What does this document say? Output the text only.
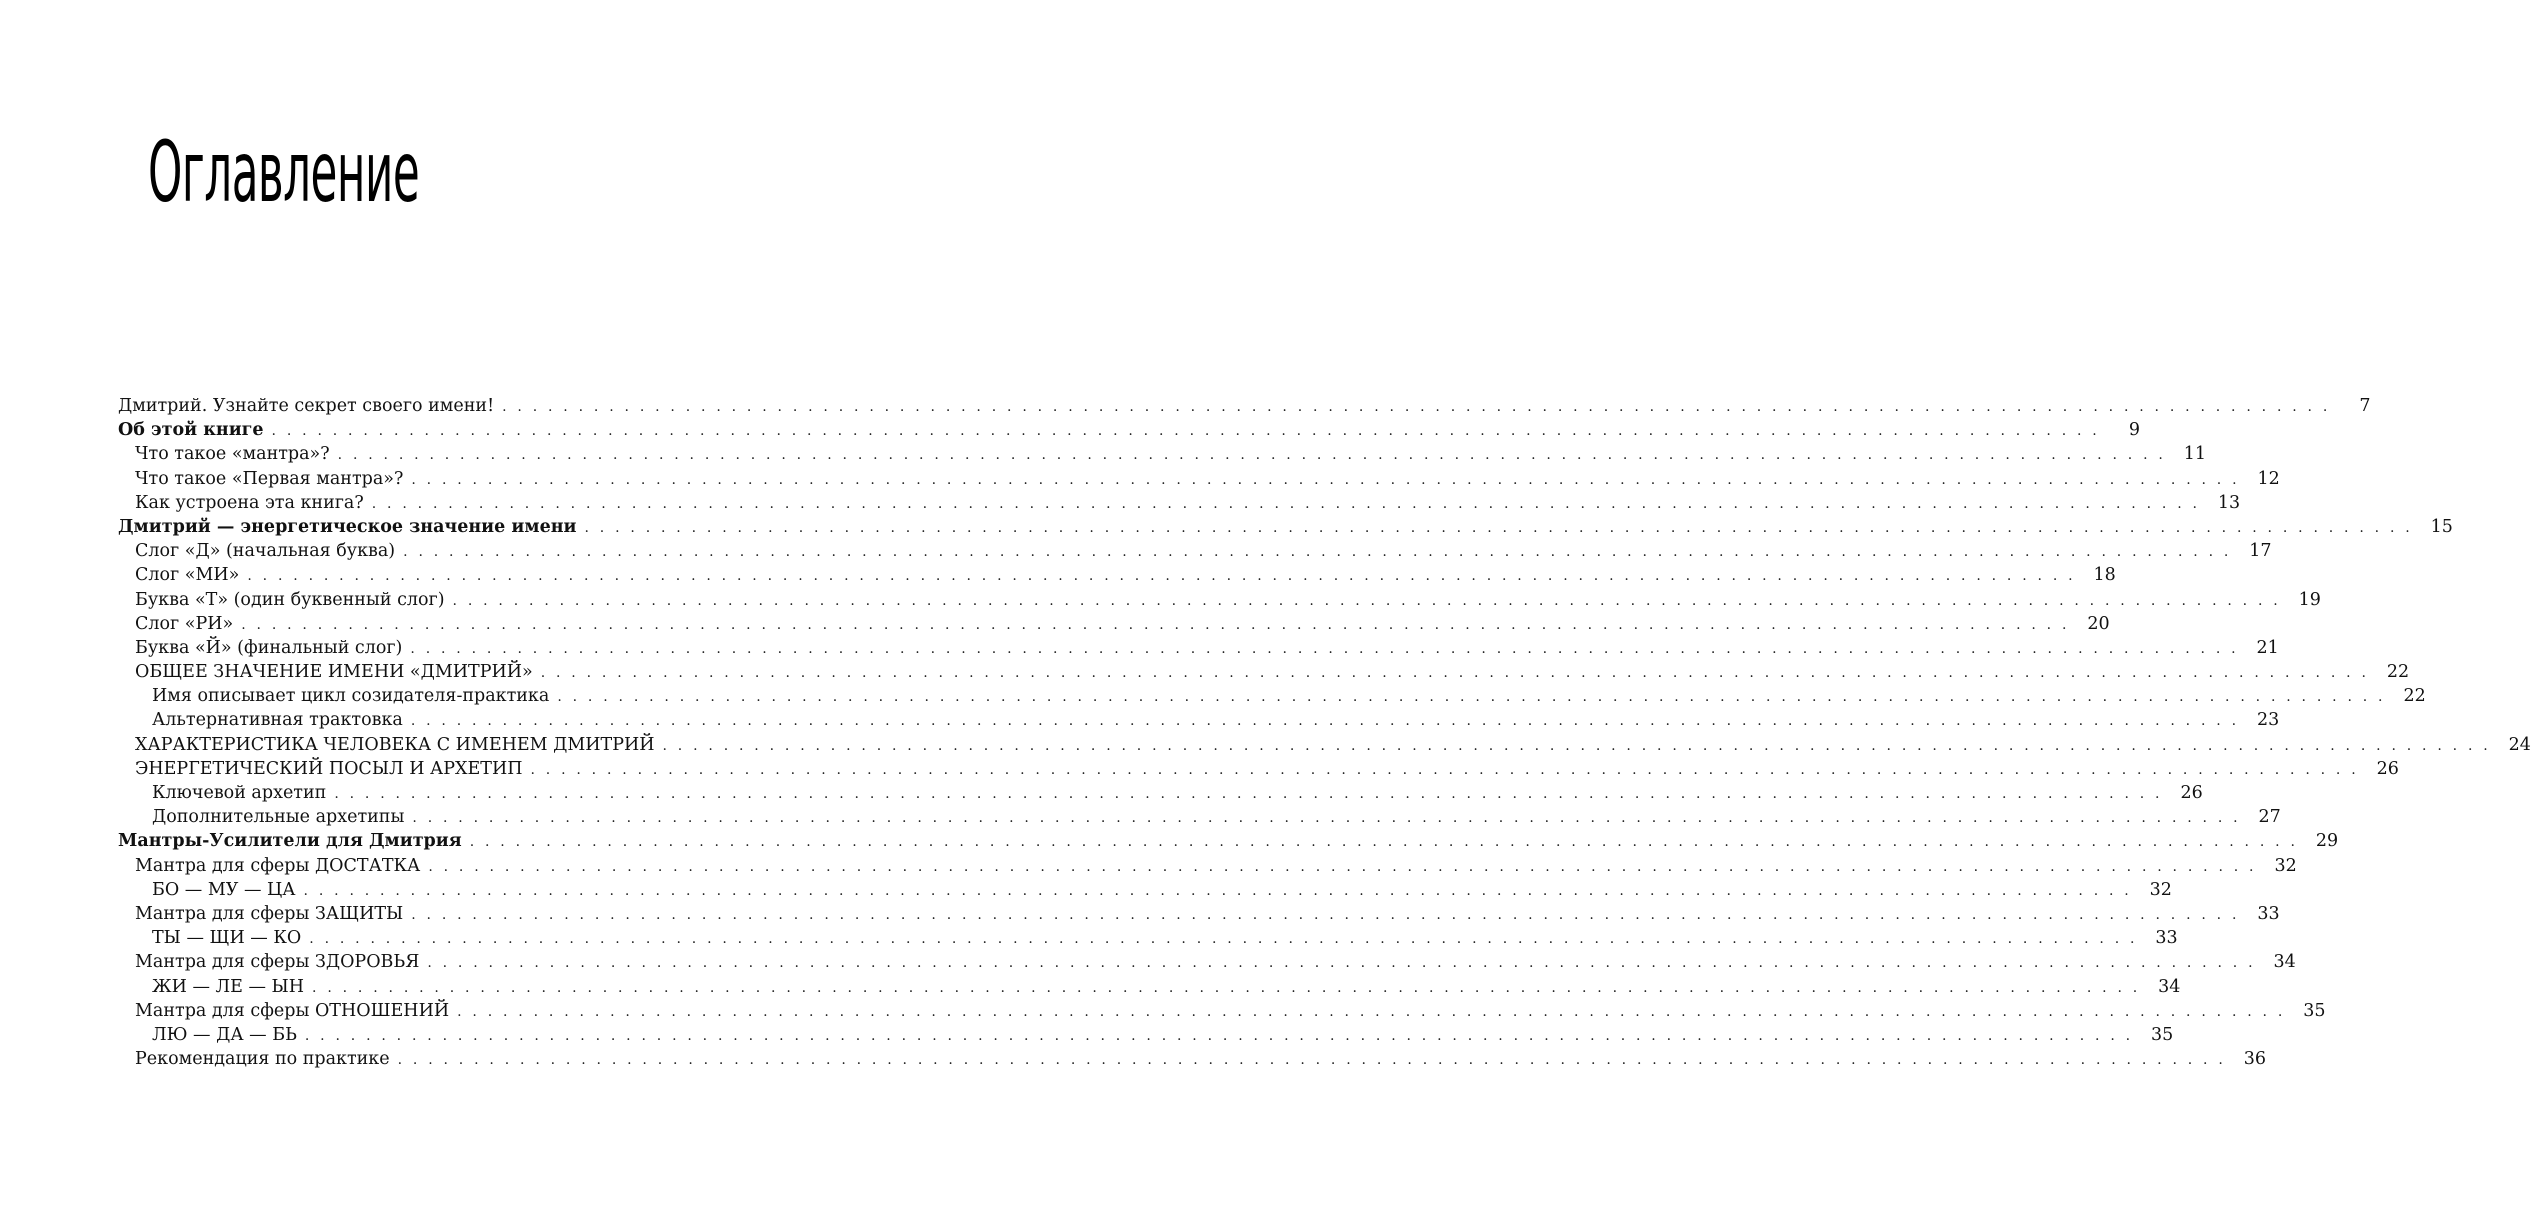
Оглавление
Дмитрий. Узнайте секрет своего имени! . . . . . . . . . . . . . . . . . . . . . . . . . . . . . . . . . . . . . . . . . . . . . . . . . . . . . . . . . . . . . . . . . . . . . . . . . . . . . . . . . . . . . . . . . . . . . . . . . . . . . . . . . . . . . . . . . . . . . . . .	7
Об этой книге . . . . . . . . . . . . . . . . . . . . . . . . . . . . . . . . . . . . . . . . . . . . . . . . . . . . . . . . . . . . . . . . . . . . . . . . . . . . . . . . . . . . . . . . . . . . . . . . . . . . . . . . . . . . . . . . . . . . . . . .	9
Что такое «мантра»? . . . . . . . . . . . . . . . . . . . . . . . . . . . . . . . . . . . . . . . . . . . . . . . . . . . . . . . . . . . . . . . . . . . . . . . . . . . . . . . . . . . . . . . . . . . . . . . . . . . . . . . . . . . . . . . . . . . . . . . .	11
Что такое «Первая мантра»? . . . . . . . . . . . . . . . . . . . . . . . . . . . . . . . . . . . . . . . . . . . . . . . . . . . . . . . . . . . . . . . . . . . . . . . . . . . . . . . . . . . . . . . . . . . . . . . . . . . . . . . . . . . . . . . . . . . . . . . .	12
Как устроена эта книга? . . . . . . . . . . . . . . . . . . . . . . . . . . . . . . . . . . . . . . . . . . . . . . . . . . . . . . . . . . . . . . . . . . . . . . . . . . . . . . . . . . . . . . . . . . . . . . . . . . . . . . . . . . . . . . . . . . . . . . . .	13
Дмитрий — энергетическое значение имени . . . . . . . . . . . . . . . . . . . . . . . . . . . . . . . . . . . . . . . . . . . . . . . . . . . . . . . . . . . . . . . . . . . . . . . . . . . . . . . . . . . . . . . . . . . . . . . . . . . . . . . . . . . . . . . . . . . . . . . .	15
Слог «Д» (начальная буква) . . . . . . . . . . . . . . . . . . . . . . . . . . . . . . . . . . . . . . . . . . . . . . . . . . . . . . . . . . . . . . . . . . . . . . . . . . . . . . . . . . . . . . . . . . . . . . . . . . . . . . . . . . . . . . . . . . . . . . . .	17
Слог «МИ» . . . . . . . . . . . . . . . . . . . . . . . . . . . . . . . . . . . . . . . . . . . . . . . . . . . . . . . . . . . . . . . . . . . . . . . . . . . . . . . . . . . . . . . . . . . . . . . . . . . . . . . . . . . . . . . . . . . . . . . .	18
Буква «Т» (один буквенный слог) . . . . . . . . . . . . . . . . . . . . . . . . . . . . . . . . . . . . . . . . . . . . . . . . . . . . . . . . . . . . . . . . . . . . . . . . . . . . . . . . . . . . . . . . . . . . . . . . . . . . . . . . . . . . . . . . . . . . . . . .	19
Слог «РИ» . . . . . . . . . . . . . . . . . . . . . . . . . . . . . . . . . . . . . . . . . . . . . . . . . . . . . . . . . . . . . . . . . . . . . . . . . . . . . . . . . . . . . . . . . . . . . . . . . . . . . . . . . . . . . . . . . . . . . . . .	20
Буква «Й» (финальный слог) . . . . . . . . . . . . . . . . . . . . . . . . . . . . . . . . . . . . . . . . . . . . . . . . . . . . . . . . . . . . . . . . . . . . . . . . . . . . . . . . . . . . . . . . . . . . . . . . . . . . . . . . . . . . . . . . . . . . . . . .	21
ОБЩЕЕ ЗНАЧЕНИЕ ИМЕНИ «ДМИТРИЙ» . . . . . . . . . . . . . . . . . . . . . . . . . . . . . . . . . . . . . . . . . . . . . . . . . . . . . . . . . . . . . . . . . . . . . . . . . . . . . . . . . . . . . . . . . . . . . . . . . . . . . . . . . . . . . . . . . . . . . . . .	22
Имя описывает цикл созидателя-практика . . . . . . . . . . . . . . . . . . . . . . . . . . . . . . . . . . . . . . . . . . . . . . . . . . . . . . . . . . . . . . . . . . . . . . . . . . . . . . . . . . . . . . . . . . . . . . . . . . . . . . . . . . . . . . . . . . . . . . . .	22
Альтернативная трактовка . . . . . . . . . . . . . . . . . . . . . . . . . . . . . . . . . . . . . . . . . . . . . . . . . . . . . . . . . . . . . . . . . . . . . . . . . . . . . . . . . . . . . . . . . . . . . . . . . . . . . . . . . . . . . . . . . . . . . . . .	23
ХАРАКТЕРИСТИКА ЧЕЛОВЕКА С ИМЕНЕМ ДМИТРИЙ . . . . . . . . . . . . . . . . . . . . . . . . . . . . . . . . . . . . . . . . . . . . . . . . . . . . . . . . . . . . . . . . . . . . . . . . . . . . . . . . . . . . . . . . . . . . . . . . . . . . . . . . . . . . . . . . . . . . . . . .	24
ЭНЕРГЕТИЧЕСКИЙ ПОСЫЛ И АРХЕТИП . . . . . . . . . . . . . . . . . . . . . . . . . . . . . . . . . . . . . . . . . . . . . . . . . . . . . . . . . . . . . . . . . . . . . . . . . . . . . . . . . . . . . . . . . . . . . . . . . . . . . . . . . . . . . . . . . . . . . . . .	26
Ключевой архетип . . . . . . . . . . . . . . . . . . . . . . . . . . . . . . . . . . . . . . . . . . . . . . . . . . . . . . . . . . . . . . . . . . . . . . . . . . . . . . . . . . . . . . . . . . . . . . . . . . . . . . . . . . . . . . . . . . . . . . . .	26
Дополнительные архетипы . . . . . . . . . . . . . . . . . . . . . . . . . . . . . . . . . . . . . . . . . . . . . . . . . . . . . . . . . . . . . . . . . . . . . . . . . . . . . . . . . . . . . . . . . . . . . . . . . . . . . . . . . . . . . . . . . . . . . . . .	27
Мантры-Усилители для Дмитрия . . . . . . . . . . . . . . . . . . . . . . . . . . . . . . . . . . . . . . . . . . . . . . . . . . . . . . . . . . . . . . . . . . . . . . . . . . . . . . . . . . . . . . . . . . . . . . . . . . . . . . . . . . . . . . . . . . . . . . . .	29
Мантра для сферы ДОСТАТКА . . . . . . . . . . . . . . . . . . . . . . . . . . . . . . . . . . . . . . . . . . . . . . . . . . . . . . . . . . . . . . . . . . . . . . . . . . . . . . . . . . . . . . . . . . . . . . . . . . . . . . . . . . . . . . . . . . . . . . . .	32
БО — МУ — ЦА . . . . . . . . . . . . . . . . . . . . . . . . . . . . . . . . . . . . . . . . . . . . . . . . . . . . . . . . . . . . . . . . . . . . . . . . . . . . . . . . . . . . . . . . . . . . . . . . . . . . . . . . . . . . . . . . . . . . . . . .	32
Мантра для сферы ЗАЩИТЫ . . . . . . . . . . . . . . . . . . . . . . . . . . . . . . . . . . . . . . . . . . . . . . . . . . . . . . . . . . . . . . . . . . . . . . . . . . . . . . . . . . . . . . . . . . . . . . . . . . . . . . . . . . . . . . . . . . . . . . . .	33
ТЫ — ЩИ — КО . . . . . . . . . . . . . . . . . . . . . . . . . . . . . . . . . . . . . . . . . . . . . . . . . . . . . . . . . . . . . . . . . . . . . . . . . . . . . . . . . . . . . . . . . . . . . . . . . . . . . . . . . . . . . . . . . . . . . . . .	33
Мантра для сферы ЗДОРОВЬЯ . . . . . . . . . . . . . . . . . . . . . . . . . . . . . . . . . . . . . . . . . . . . . . . . . . . . . . . . . . . . . . . . . . . . . . . . . . . . . . . . . . . . . . . . . . . . . . . . . . . . . . . . . . . . . . . . . . . . . . . .	34
ЖИ — ЛЕ — ЫН . . . . . . . . . . . . . . . . . . . . . . . . . . . . . . . . . . . . . . . . . . . . . . . . . . . . . . . . . . . . . . . . . . . . . . . . . . . . . . . . . . . . . . . . . . . . . . . . . . . . . . . . . . . . . . . . . . . . . . . .	34
Мантра для сферы ОТНОШЕНИЙ . . . . . . . . . . . . . . . . . . . . . . . . . . . . . . . . . . . . . . . . . . . . . . . . . . . . . . . . . . . . . . . . . . . . . . . . . . . . . . . . . . . . . . . . . . . . . . . . . . . . . . . . . . . . . . . . . . . . . . . .	35
ЛЮ — ДА — БЬ . . . . . . . . . . . . . . . . . . . . . . . . . . . . . . . . . . . . . . . . . . . . . . . . . . . . . . . . . . . . . . . . . . . . . . . . . . . . . . . . . . . . . . . . . . . . . . . . . . . . . . . . . . . . . . . . . . . . . . . .	35
Рекомендация по практике . . . . . . . . . . . . . . . . . . . . . . . . . . . . . . . . . . . . . . . . . . . . . . . . . . . . . . . . . . . . . . . . . . . . . . . . . . . . . . . . . . . . . . . . . . . . . . . . . . . . . . . . . . . . . . . . . . . . . . . .	36
